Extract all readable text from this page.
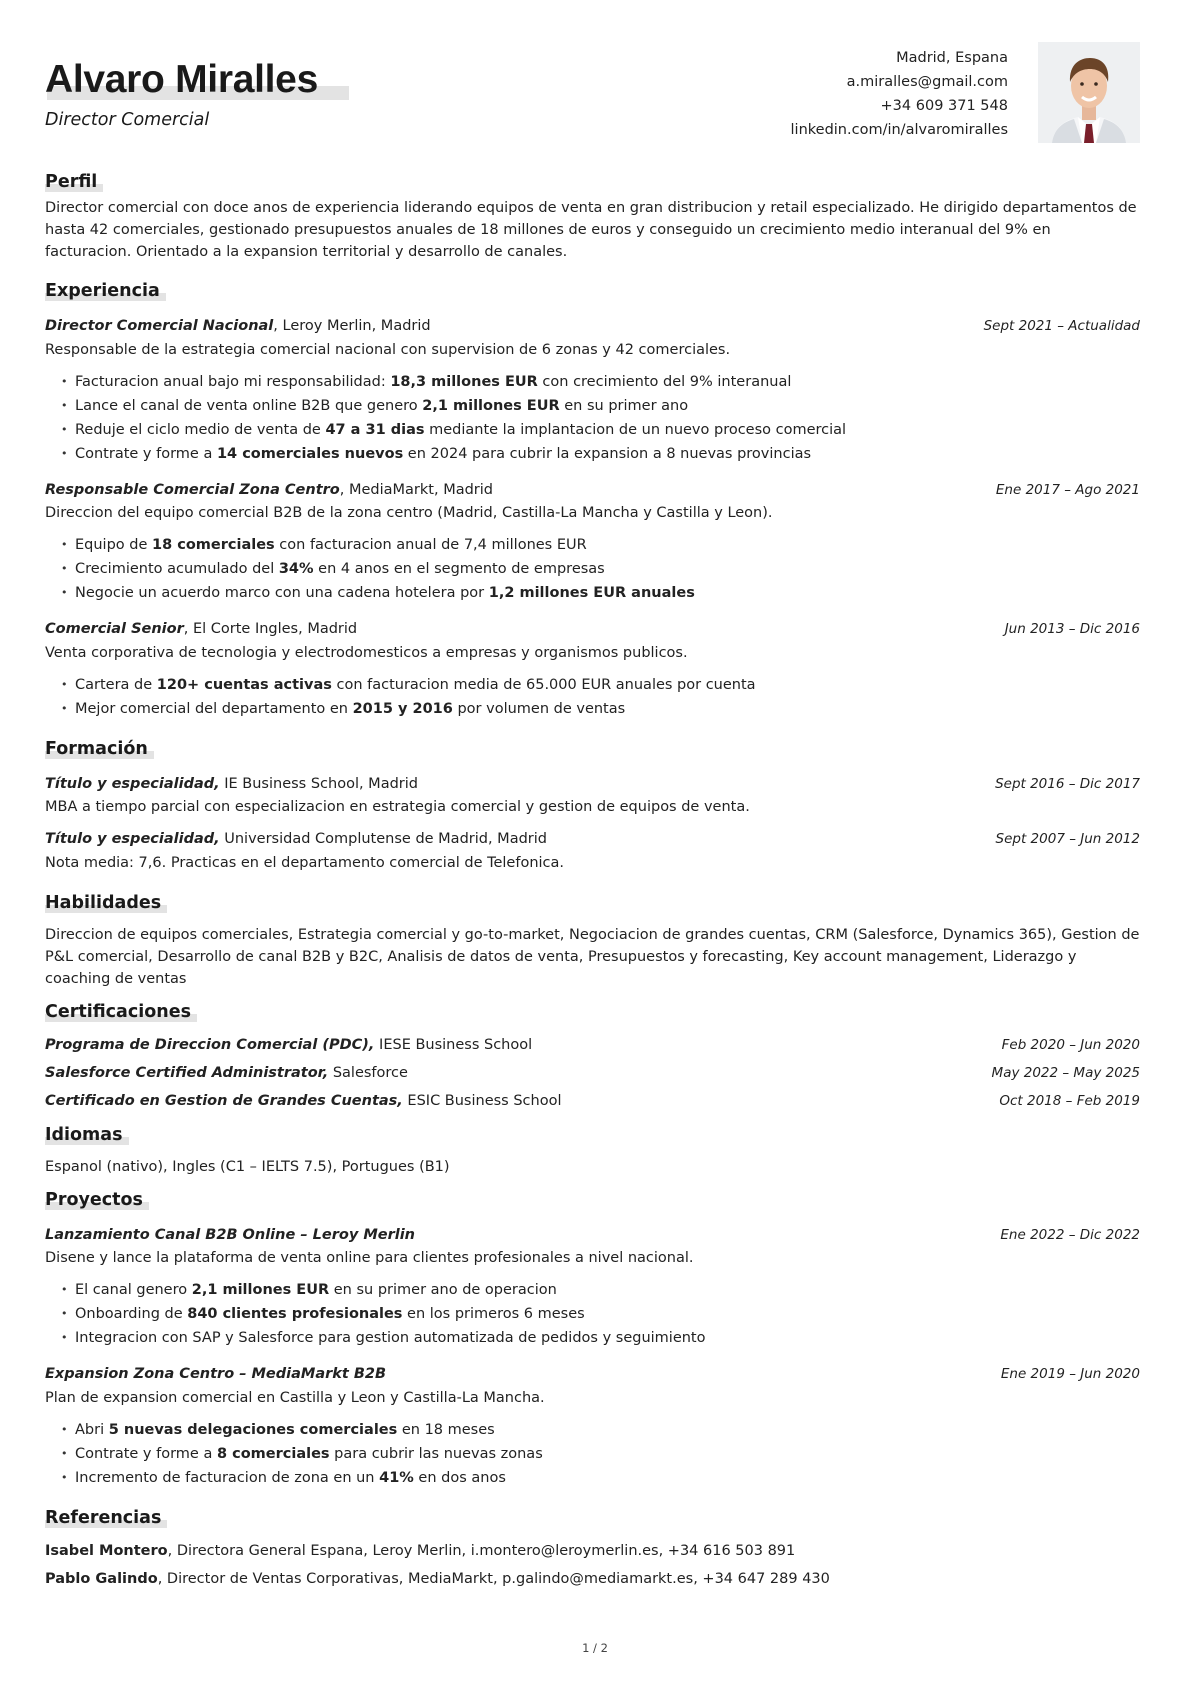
Alvaro Miralles
Director Comercial
Madrid, Espana
a.miralles@gmail.com
+34 609 371 548
linkedin.com/in/alvaromiralles
Perfil

Director comercial con doce anos de experiencia liderando equipos de venta en gran distribucion y retail especializado. He dirigido departamentos de hasta 42 comerciales, gestionado presupuestos anuales de 18 millones de euros y conseguido un crecimiento medio interanual del 9% en facturacion. Orientado a la expansion territorial y desarrollo de canales.

Experiencia
Director Comercial Nacional, Leroy Merlin, Madrid	Sept 2021 – Actualidad

Responsable de la estrategia comercial nacional con supervision de 6 zonas y 42 comerciales.

• Facturacion anual bajo mi responsabilidad: 18,3 millones EUR con crecimiento del 9% interanual
• Lance el canal de venta online B2B que genero 2,1 millones EUR en su primer ano
• Reduje el ciclo medio de venta de 47 a 31 dias mediante la implantacion de un nuevo proceso comercial
• Contrate y forme a 14 comerciales nuevos en 2024 para cubrir la expansion a 8 nuevas provincias
Responsable Comercial Zona Centro, MediaMarkt, Madrid	Ene 2017 – Ago 2021

Direccion del equipo comercial B2B de la zona centro (Madrid, Castilla-La Mancha y Castilla y Leon).

• Equipo de 18 comerciales con facturacion anual de 7,4 millones EUR
• Crecimiento acumulado del 34% en 4 anos en el segmento de empresas
• Negocie un acuerdo marco con una cadena hotelera por 1,2 millones EUR anuales
Comercial Senior, El Corte Ingles, Madrid	Jun 2013 – Dic 2016

Venta corporativa de tecnologia y electrodomesticos a empresas y organismos publicos.

• Cartera de 120+ cuentas activas con facturacion media de 65.000 EUR anuales por cuenta
• Mejor comercial del departamento en 2015 y 2016 por volumen de ventas
Formación
Título y especialidad, IE Business School, Madrid	Sept 2016 – Dic 2017

MBA a tiempo parcial con especializacion en estrategia comercial y gestion de equipos de venta.

Título y especialidad, Universidad Complutense de Madrid, Madrid	Sept 2007 – Jun 2012

Nota media: 7,6. Practicas en el departamento comercial de Telefonica.

Habilidades

Direccion de equipos comerciales, Estrategia comercial y go-to-market, Negociacion de grandes cuentas, CRM (Salesforce, Dynamics 365), Gestion de P&L comercial, Desarrollo de canal B2B y B2C, Analisis de datos de venta, Presupuestos y forecasting, Key account management, Liderazgo y coaching de ventas

Certificaciones
Programa de Direccion Comercial (PDC), IESE Business School	Feb 2020 – Jun 2020
Salesforce Certified Administrator, Salesforce	May 2022 – May 2025
Certificado en Gestion de Grandes Cuentas, ESIC Business School	Oct 2018 – Feb 2019
Idiomas

Espanol (nativo), Ingles (C1 – IELTS 7.5), Portugues (B1)

Proyectos
Lanzamiento Canal B2B Online – Leroy Merlin	Ene 2022 – Dic 2022

Disene y lance la plataforma de venta online para clientes profesionales a nivel nacional.

• El canal genero 2,1 millones EUR en su primer ano de operacion
• Onboarding de 840 clientes profesionales en los primeros 6 meses
• Integracion con SAP y Salesforce para gestion automatizada de pedidos y seguimiento
Expansion Zona Centro – MediaMarkt B2B	Ene 2019 – Jun 2020

Plan de expansion comercial en Castilla y Leon y Castilla-La Mancha.

• Abri 5 nuevas delegaciones comerciales en 18 meses
• Contrate y forme a 8 comerciales para cubrir las nuevas zonas
• Incremento de facturacion de zona en un 41% en dos anos
Referencias
Isabel Montero, Directora General Espana, Leroy Merlin, i.montero@leroymerlin.es, +34 616 503 891
Pablo Galindo, Director de Ventas Corporativas, MediaMarkt, p.galindo@mediamarkt.es, +34 647 289 430
1 / 2
